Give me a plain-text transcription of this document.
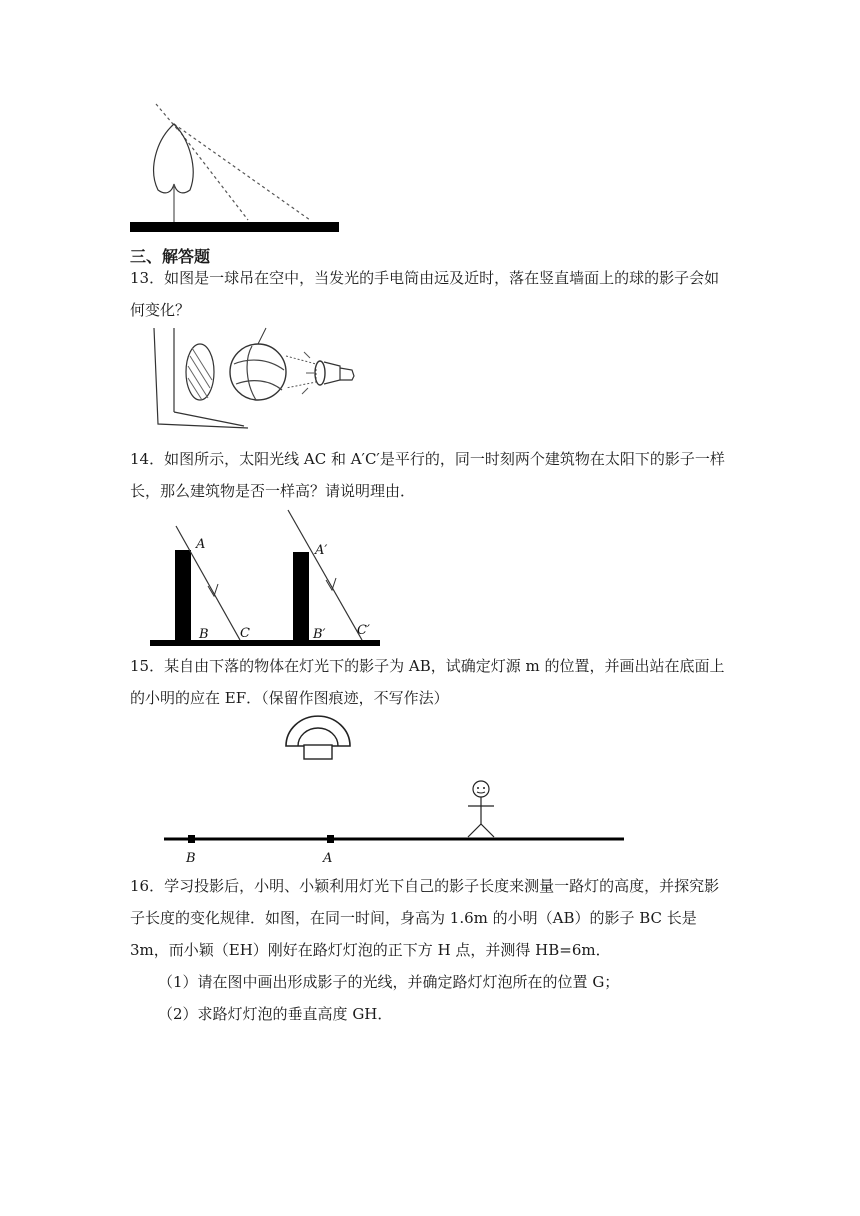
三、解答题

13．如图是一球吊在空中，当发光的手电筒由远及近时，落在竖直墙面上的球的影子会如何变化？

14．如图所示，太阳光线 AC 和 A′C′是平行的，同一时刻两个建筑物在太阳下的影子一样长，那么建筑物是否一样高？请说明理由．

A
B C
A′
B′ C′

15．某自由下落的物体在灯光下的影子为 AB，试确定灯源 m 的位置，并画出站在底面上的小明的应在 EF．（保留作图痕迹，不写作法）

B	A

16．学习投影后，小明、小颖利用灯光下自己的影子长度来测量一路灯的高度，并探究影子长度的变化规律．如图，在同一时间，身高为 1.6m 的小明（AB）的影子 BC 长是 3m，而小颖（EH）刚好在路灯灯泡的正下方 H 点，并测得 HB=6m．

（1）请在图中画出形成影子的光线，并确定路灯灯泡所在的位置 G；

（2）求路灯灯泡的垂直高度 GH．
